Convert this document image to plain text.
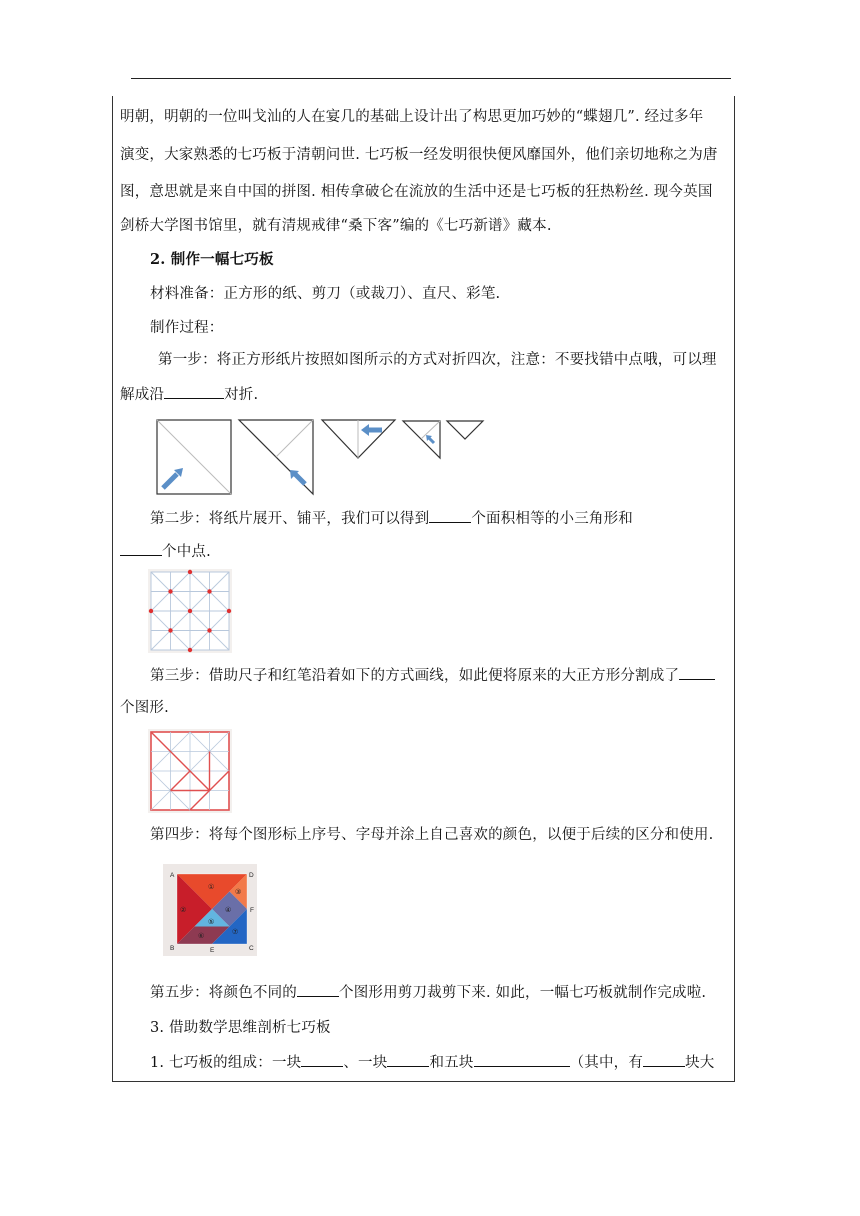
明朝，明朝的一位叫戈汕的人在宴几的基础上设计出了构思更加巧妙的“蝶翅几”. 经过多年
演变，大家熟悉的七巧板于清朝问世. 七巧板一经发明很快便风靡国外，他们亲切地称之为唐
图，意思就是来自中国的拼图. 相传拿破仑在流放的生活中还是七巧板的狂热粉丝. 现今英国
剑桥大学图书馆里，就有清规戒律“桑下客”编的《七巧新谱》藏本.
2. 制作一幅七巧板
材料准备：正方形的纸、剪刀（或裁刀）、直尺、彩笔.
制作过程：
第一步：将正方形纸片按照如图所示的方式对折四次，注意：不要找错中点哦，可以理
解成沿	对折.
第二步：将纸片展开、铺平，我们可以得到	个面积相等的小三角形和
个中点.
第三步：借助尺子和红笔沿着如下的方式画线，如此便将原来的大正方形分割成了
个图形.
第四步：将每个图形标上序号、字母并涂上自己喜欢的颜色，以便于后续的区分和使用.
A	D
B	C
E
F
①
②
③
④
⑤
⑥	⑦
第五步：将颜色不同的	个图形用剪刀裁剪下来. 如此，一幅七巧板就制作完成啦.
3. 借助数学思维剖析七巧板
1. 七巧板的组成：一块	、一块	和五块	（其中，有	块大
